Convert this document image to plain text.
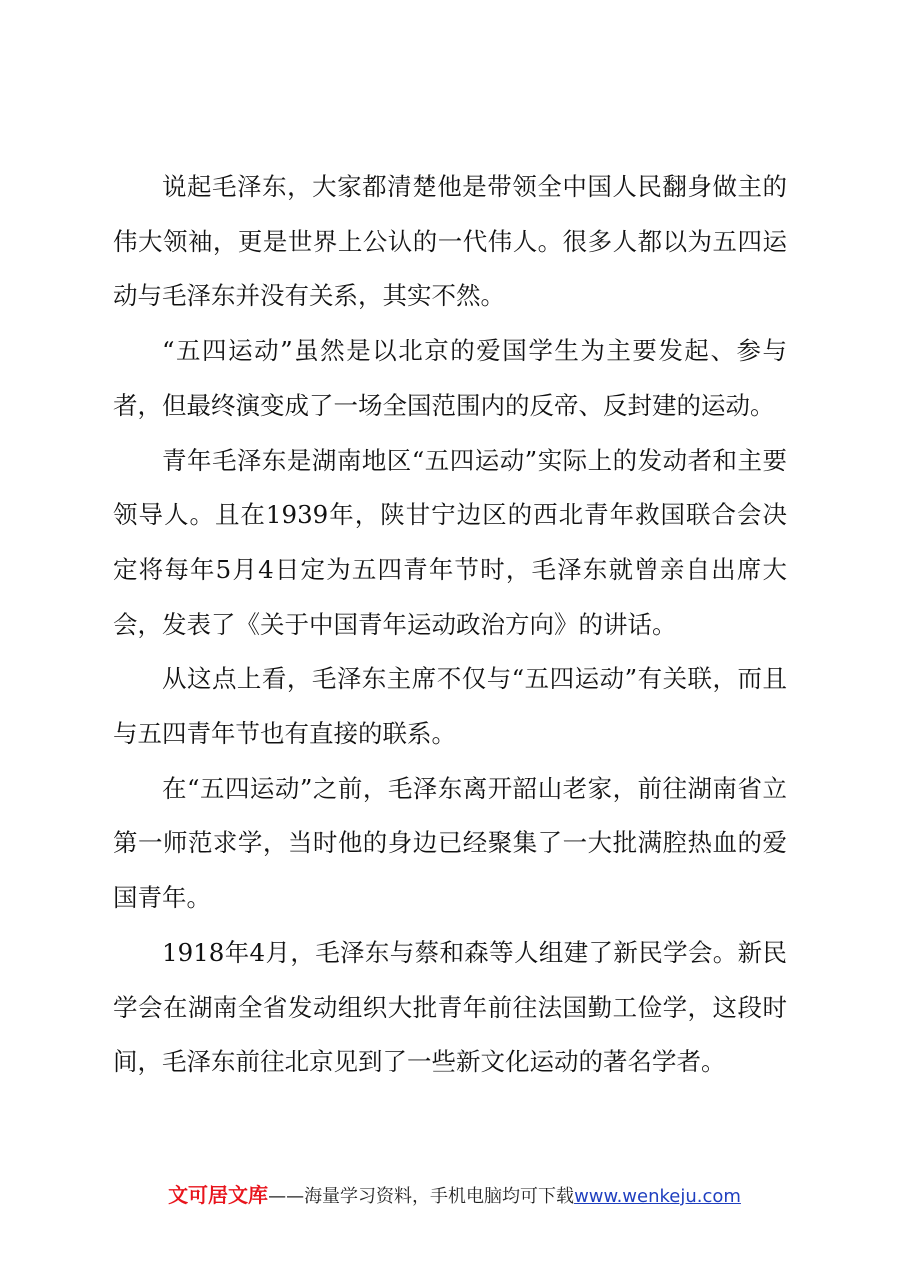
说起毛泽东，大家都清楚他是带领全中国人民翻身做主的伟大领袖，更是世界上公认的一代伟人。很多人都以为五四运动与毛泽东并没有关系，其实不然。

“五四运动”虽然是以北京的爱国学生为主要发起、参与者，但最终演变成了一场全国范围内的反帝、反封建的运动。

青年毛泽东是湖南地区“五四运动”实际上的发动者和主要领导人。且在1939年，陕甘宁边区的西北青年救国联合会决定将每年5月4日定为五四青年节时，毛泽东就曾亲自出席大会，发表了《关于中国青年运动政治方向》的讲话。

从这点上看，毛泽东主席不仅与“五四运动”有关联，而且与五四青年节也有直接的联系。

在“五四运动”之前，毛泽东离开韶山老家，前往湖南省立第一师范求学，当时他的身边已经聚集了一大批满腔热血的爱国青年。

1918年4月，毛泽东与蔡和森等人组建了新民学会。新民学会在湖南全省发动组织大批青年前往法国勤工俭学，这段时间，毛泽东前往北京见到了一些新文化运动的著名学者。

文可居文库——海量学习资料，手机电脑均可下载www.wenkeju.com
